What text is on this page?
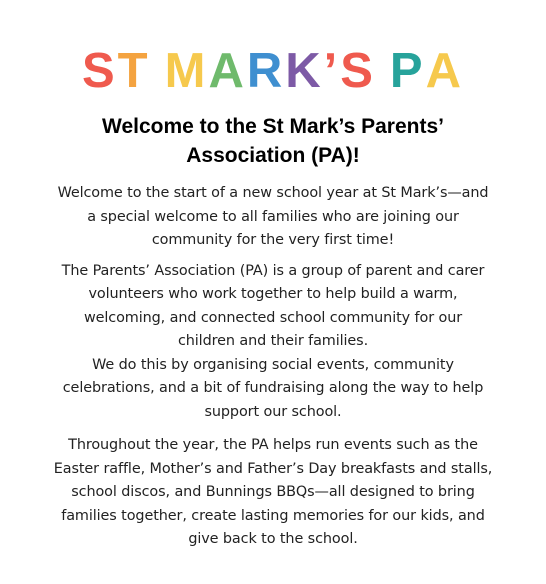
ST MARK’S PA
Welcome to the St Mark’s Parents’
Association (PA)!
Welcome to the start of a new school year at St Mark’s—and
a special welcome to all families who are joining our
community for the very first time!
The Parents’ Association (PA) is a group of parent and carer
volunteers who work together to help build a warm,
welcoming, and connected school community for our
children and their families.
We do this by organising social events, community
celebrations, and a bit of fundraising along the way to help
support our school.
Throughout the year, the PA helps run events such as the
Easter raffle, Mother’s and Father’s Day breakfasts and stalls,
school discos, and Bunnings BBQs—all designed to bring
families together, create lasting memories for our kids, and
give back to the school.
